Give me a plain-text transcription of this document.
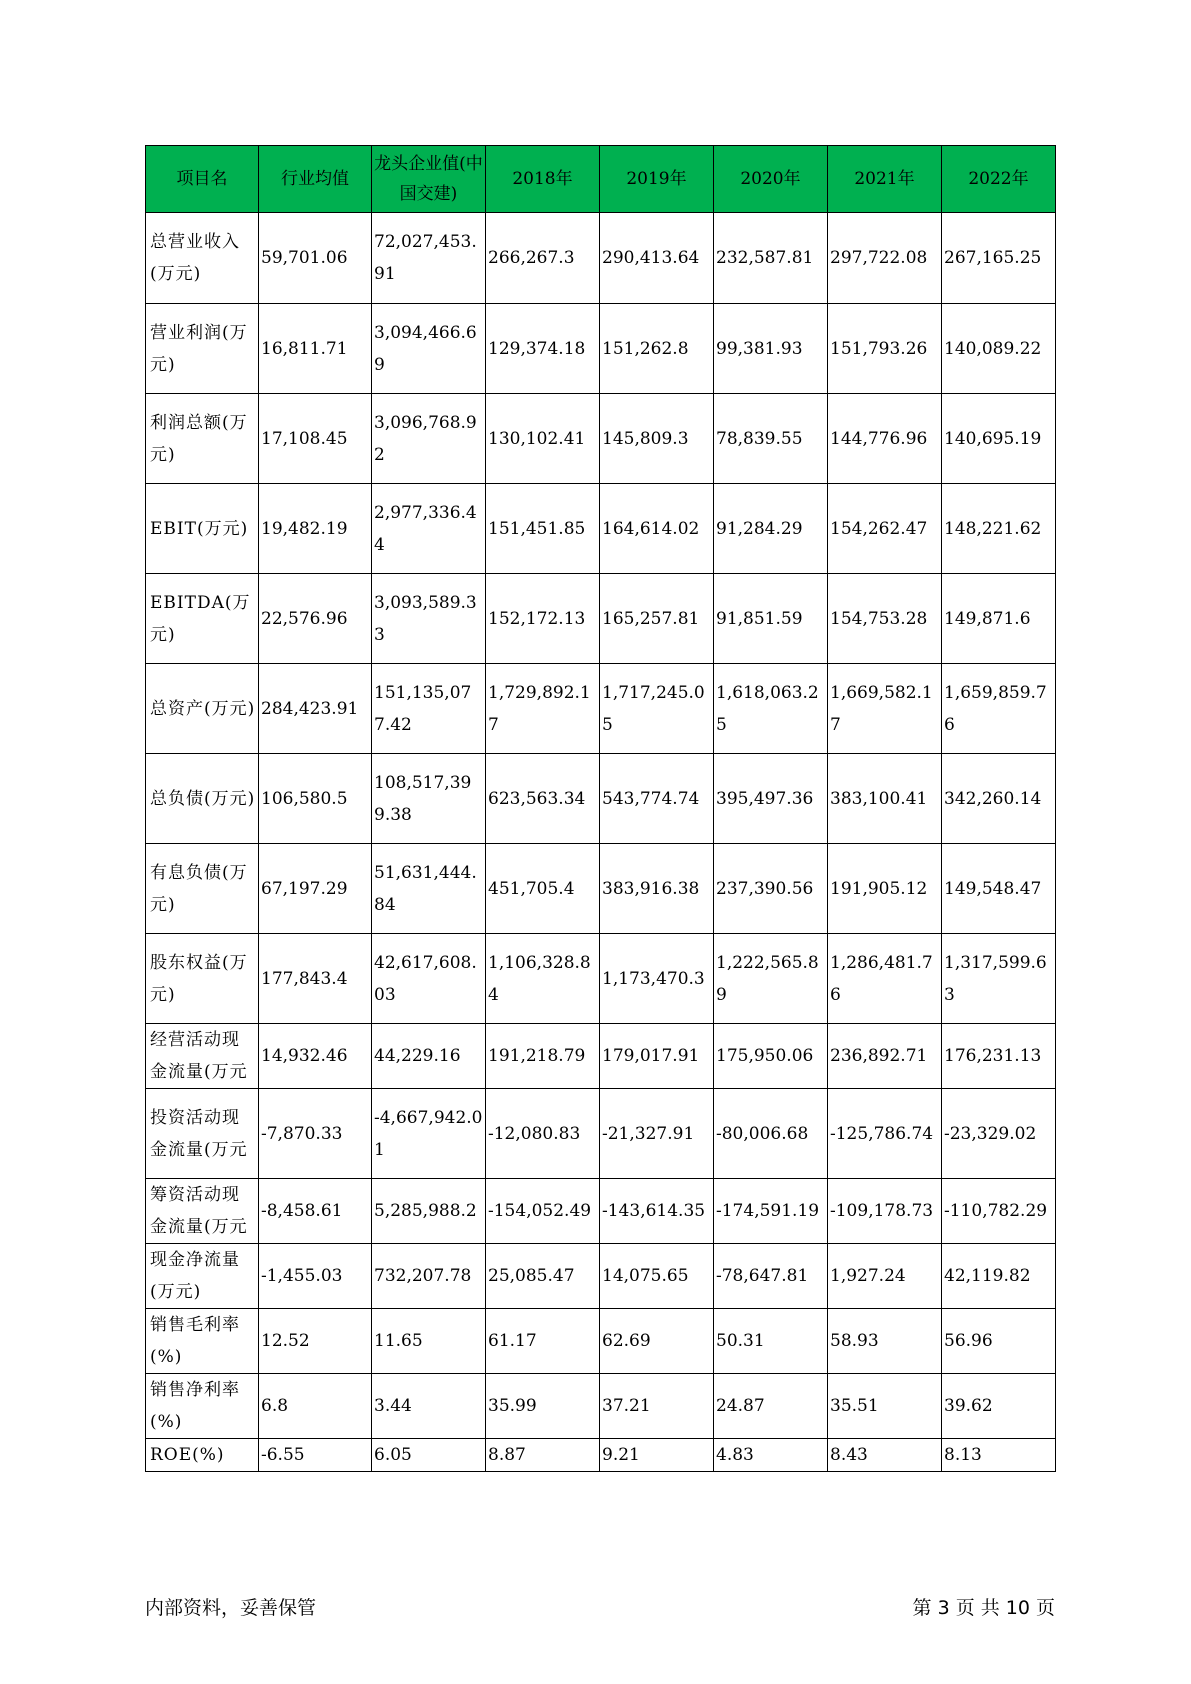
项目名	行业均值	龙头企业值(中国交建)	2018年	2019年	2020年	2021年	2022年
总营业收入(万元)	59,701.06	72,027,453.91	266,267.3	290,413.64	232,587.81	297,722.08	267,165.25
营业利润(万元)	16,811.71	3,094,466.69	129,374.18	151,262.8	99,381.93	151,793.26	140,089.22
利润总额(万元)	17,108.45	3,096,768.92	130,102.41	145,809.3	78,839.55	144,776.96	140,695.19
EBIT(万元)	19,482.19	2,977,336.44	151,451.85	164,614.02	91,284.29	154,262.47	148,221.62
EBITDA(万元)	22,576.96	3,093,589.33	152,172.13	165,257.81	91,851.59	154,753.28	149,871.6
总资产(万元)	284,423.91	151,135,077.42	1,729,892.17	1,717,245.05	1,618,063.25	1,669,582.17	1,659,859.76
总负债(万元)	106,580.5	108,517,399.38	623,563.34	543,774.74	395,497.36	383,100.41	342,260.14
有息负债(万元)	67,197.29	51,631,444.84	451,705.4	383,916.38	237,390.56	191,905.12	149,548.47
股东权益(万元)	177,843.4	42,617,608.03	1,106,328.84	1,173,470.3	1,222,565.89	1,286,481.76	1,317,599.63
经营活动现金流量(万元	14,932.46	44,229.16	191,218.79	179,017.91	175,950.06	236,892.71	176,231.13
投资活动现金流量(万元	-7,870.33	-4,667,942.01	-12,080.83	-21,327.91	-80,006.68	-125,786.74	-23,329.02
筹资活动现金流量(万元	-8,458.61	5,285,988.2	-154,052.49	-143,614.35	-174,591.19	-109,178.73	-110,782.29
现金净流量(万元)	-1,455.03	732,207.78	25,085.47	14,075.65	-78,647.81	1,927.24	42,119.82
销售毛利率(%)	12.52	11.65	61.17	62.69	50.31	58.93	56.96
销售净利率(%)	6.8	3.44	35.99	37.21	24.87	35.51	39.62
ROE(%)	-6.55	6.05	8.87	9.21	4.83	8.43	8.13
内部资料，妥善保管	第 3 页 共 10 页
